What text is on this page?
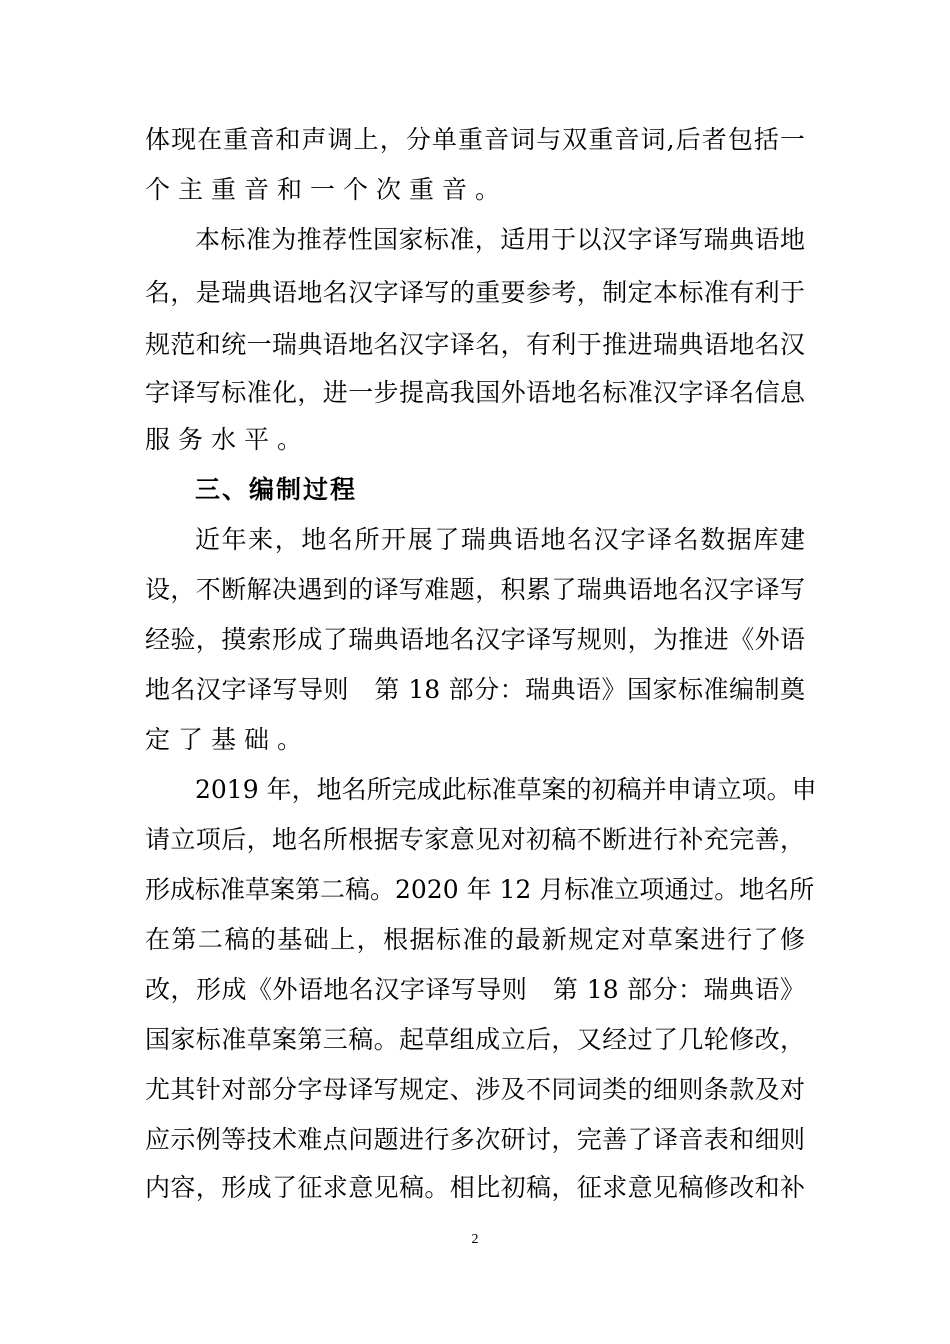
2
体现在重音和声调上，分单重音词与双重音词,后者包括一
个主重音和一个次重音。
本标准为推荐性国家标准，适用于以汉字译写瑞典语地
名，是瑞典语地名汉字译写的重要参考，制定本标准有利于
规范和统一瑞典语地名汉字译名，有利于推进瑞典语地名汉
字译写标准化，进一步提高我国外语地名标准汉字译名信息
服务水平。
三、编制过程
近年来，地名所开展了瑞典语地名汉字译名数据库建
设，不断解决遇到的译写难题，积累了瑞典语地名汉字译写
经验，摸索形成了瑞典语地名汉字译写规则，为推进《外语
地名汉字译写导则　第 18 部分：瑞典语》国家标准编制奠
定了基础。
2019 年，地名所完成此标准草案的初稿并申请立项。申
请立项后，地名所根据专家意见对初稿不断进行补充完善，
形成标准草案第二稿。2020 年 12 月标准立项通过。地名所
在第二稿的基础上，根据标准的最新规定对草案进行了修
改，形成《外语地名汉字译写导则　第 18 部分：瑞典语》
国家标准草案第三稿。起草组成立后，又经过了几轮修改，
尤其针对部分字母译写规定、涉及不同词类的细则条款及对
应示例等技术难点问题进行多次研讨，完善了译音表和细则
内容，形成了征求意见稿。相比初稿，征求意见稿修改和补
